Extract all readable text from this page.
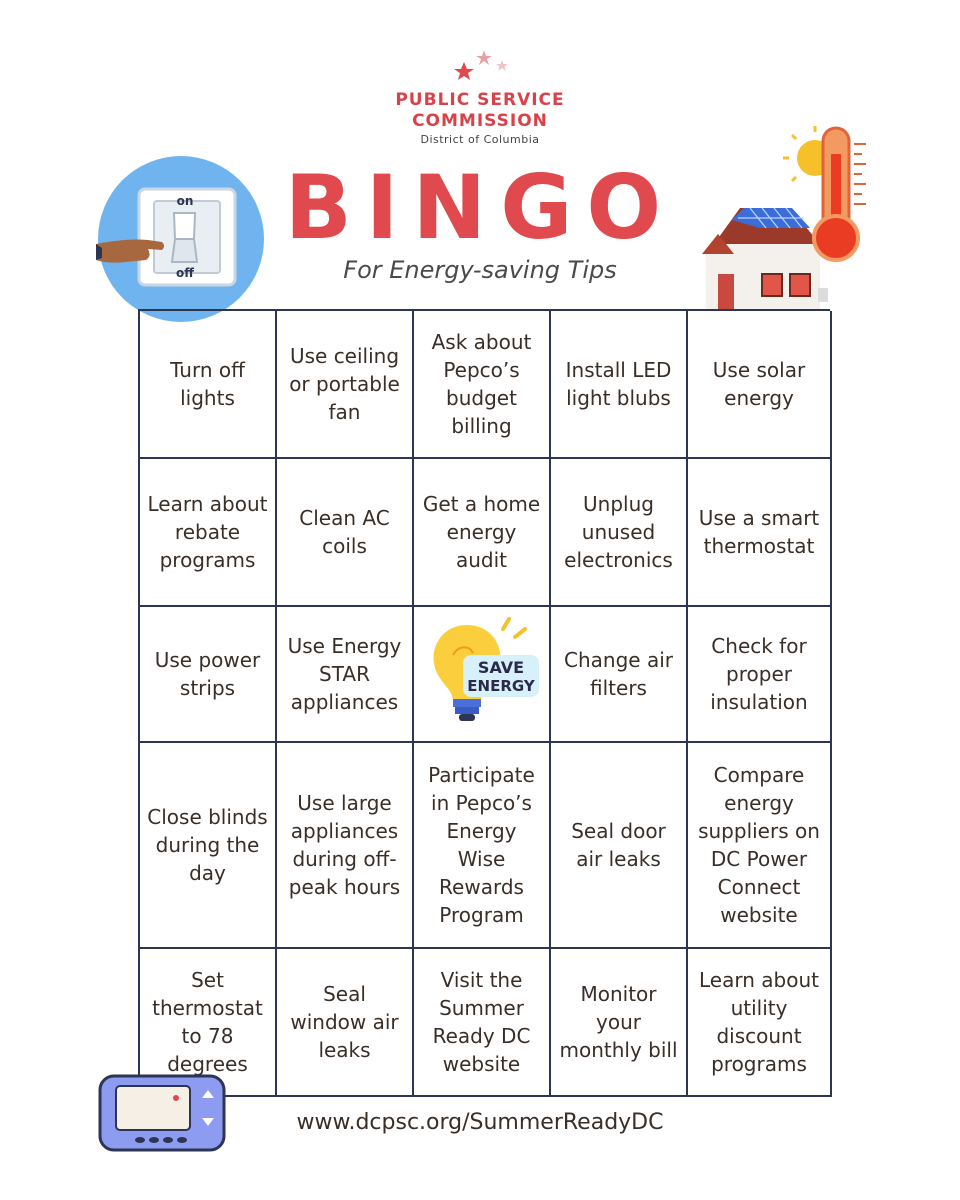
PUBLIC SERVICE
COMMISSION
District of Columbia
BINGO
For Energy-saving Tips
on
off
Turn off lights
Use ceiling or portable fan
Ask about Pepco’s budget billing
Install LED light blubs
Use solar energy
Learn about rebate programs
Clean AC coils
Get a home energy audit
Unplug unused electronics
Use a smart thermostat
Use power strips
Use Energy STAR appliances
SAVE
ENERGY
Change air filters
Check for proper insulation
Close blinds during the day
Use large appliances during off-peak hours
Participate in Pepco’s Energy Wise Rewards Program
Seal door air leaks
Compare energy suppliers on DC Power Connect website
Set thermostat to 78 degrees
Seal window air leaks
Visit the Summer Ready DC website
Monitor your monthly bill
Learn about utility discount programs
www.dcpsc.org/SummerReadyDC
